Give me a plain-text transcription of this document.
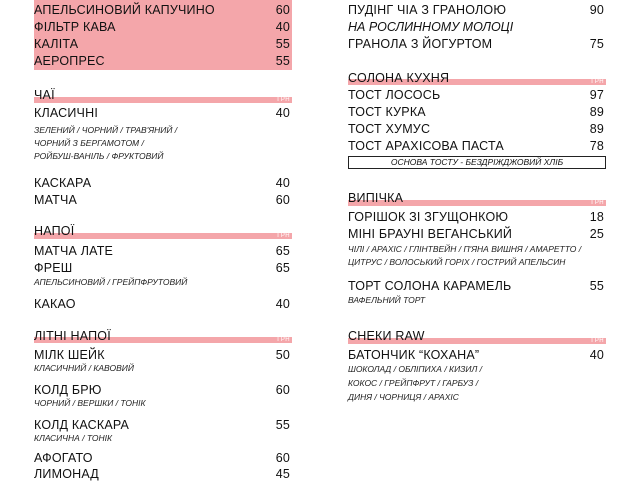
АПЕЛЬСИНОВИЙ КАПУЧИНО	60
ФІЛЬТР КАВА	40
КАЛІТА	55
АЕРОПРЕС	55
ГРН
ЧАЇ
КЛАСИЧНІ	40
ЗЕЛЕНИЙ / ЧОРНИЙ / ТРАВ'ЯНИЙ /
ЧОРНИЙ З БЕРГАМОТОМ /
РОЙБУШ-ВАНІЛЬ / ФРУКТОВИЙ
КАСКАРА	40
МАТЧА	60
ГРН
НАПОЇ
МАТЧА ЛАТЕ	65
ФРЕШ	65
АПЕЛЬСИНОВИЙ / ГРЕЙПФРУТОВИЙ
КАКАО	40
ГРН
ЛІТНІ НАПОЇ
МІЛК ШЕЙК	50
КЛАСИЧНИЙ / КАВОВИЙ
КОЛД БРЮ	60
ЧОРНИЙ / ВЕРШКИ / ТОНІК
КОЛД КАСКАРА	55
КЛАСИЧНА / ТОНІК
АФОГАТО	60
ЛИМОНАД	45
ПУДІНГ ЧІА З ГРАНОЛОЮ	90
НА РОСЛИННОМУ МОЛОЦІ
ГРАНОЛА З ЙОГУРТОМ	75
ГРН
СОЛОНА КУХНЯ
ТОСТ ЛОСОСЬ	97
ТОСТ КУРКА	89
ТОСТ ХУМУС	89
ТОСТ АРАХІСОВА ПАСТА	78
ОСНОВА ТОСТУ - БЕЗДРІЖДЖОВИЙ ХЛІБ
ГРН
ВИПІЧКА
ГОРІШОК ЗІ ЗГУЩОНКОЮ	18
МІНІ БРАУНІ ВЕГАНСЬКИЙ	25
ЧІЛІ / АРАХІС / ГЛІНТВЕЙН / П'ЯНА ВИШНЯ / АМАРЕТТО /
ЦИТРУС / ВОЛОСЬКИЙ ГОРІХ / ГОСТРИЙ АПЕЛЬСИН
ТОРТ СОЛОНА КАРАМЕЛЬ	55
ВАФЕЛЬНИЙ ТОРТ
ГРН
СНЕКИ RAW
БАТОНЧИК “КОХАНА”	40
ШОКОЛАД / ОБЛІПИХА / КИЗИЛ /
КОКОС / ГРЕЙПФРУТ / ГАРБУЗ /
ДИНЯ / ЧОРНИЦЯ / АРАХІС
